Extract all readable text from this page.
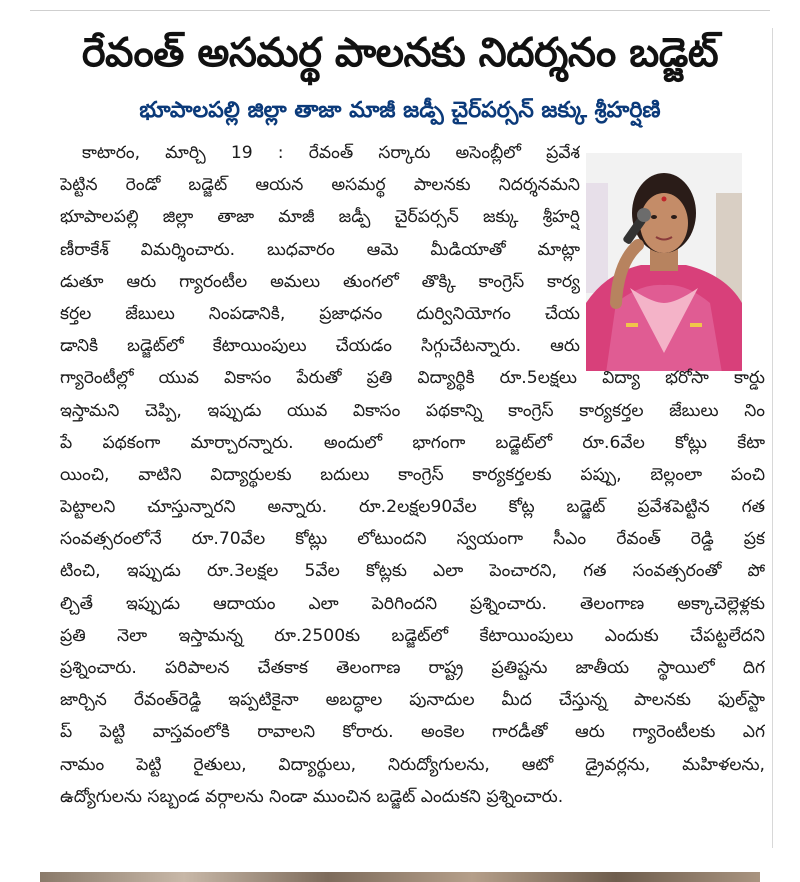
రేవంత్ అసమర్థ పాలనకు నిదర్శనం బడ్జెట్
భూపాలపల్లి జిల్లా తాజా మాజీ జడ్పీ చైర్‌పర్సన్ జక్కు శ్రీహర్షిణి
కాటారం, మార్చి 19 : రేవంత్ సర్కారు అసెంబ్లీలో ప్రవేశ
పెట్టిన రెండో బడ్జెట్ ఆయన అసమర్థ పాలనకు నిదర్శనమని
భూపాలపల్లి జిల్లా తాజా మాజీ జడ్పీ చైర్‌పర్సన్ జక్కు శ్రీహర్షి
ణీరాకేశ్ విమర్శించారు. బుధవారం ఆమె మీడియాతో మాట్లా
డుతూ ఆరు గ్యారంటీల అమలు తుంగలో తొక్కి కాంగ్రెస్ కార్య
కర్తల జేబులు నింపడానికి, ప్రజాధనం దుర్వినియోగం చేయ
డానికి బడ్జెట్‌లో కేటాయింపులు చేయడం సిగ్గుచేటన్నారు. ఆరు
గ్యారెంటీల్లో యువ వికాసం పేరుతో ప్రతి విద్యార్థికి రూ.5లక్షలు విద్యా భరోసా కార్డు
ఇస్తామని చెప్పి, ఇప్పుడు యువ వికాసం పథకాన్ని కాంగ్రెస్ కార్యకర్తల జేబులు నిం
పే పథకంగా మార్చారన్నారు. అందులో భాగంగా బడ్జెట్‌లో రూ.6వేల కోట్లు కేటా
యించి, వాటిని విద్యార్థులకు బదులు కాంగ్రెస్ కార్యకర్తలకు పప్పు, బెల్లంలా పంచి
పెట్టాలని చూస్తున్నారని అన్నారు. రూ.2లక్షల90వేల కోట్ల బడ్జెట్ ప్రవేశపెట్టిన గత
సంవత్సరంలోనే రూ.70వేల కోట్లు లోటుందని స్వయంగా సీఎం రేవంత్ రెడ్డి ప్రక
టించి, ఇప్పుడు రూ.3లక్షల 5వేల కోట్లకు ఎలా పెంచారని, గత సంవత్సరంతో పో
ల్చితే ఇప్పుడు ఆదాయం ఎలా పెరిగిందని ప్రశ్నించారు. తెలంగాణ అక్కాచెల్లెళ్లకు
ప్రతి నెలా ఇస్తామన్న రూ.2500కు బడ్జెట్‌లో కేటాయింపులు ఎందుకు చేపట్టలేదని
ప్రశ్నించారు. పరిపాలన చేతకాక తెలంగాణ రాష్ట్ర ప్రతిష్టను జాతీయ స్థాయిలో దిగ
జార్చిన రేవంత్‌రెడ్డి ఇప్పటికైనా అబద్ధాల పునాదుల మీద చేస్తున్న పాలనకు ఫుల్‌స్టా
ప్ పెట్టి వాస్తవంలోకి రావాలని కోరారు. అంకెల గారడీతో ఆరు గ్యారెంటీలకు ఎగ
నామం పెట్టి రైతులు, విద్యార్థులు, నిరుద్యోగులను, ఆటో డ్రైవర్లను, మహిళలను,
ఉద్యోగులను సబ్బండ వర్గాలను నిండా ముంచిన బడ్జెట్ ఎందుకని ప్రశ్నించారు.
